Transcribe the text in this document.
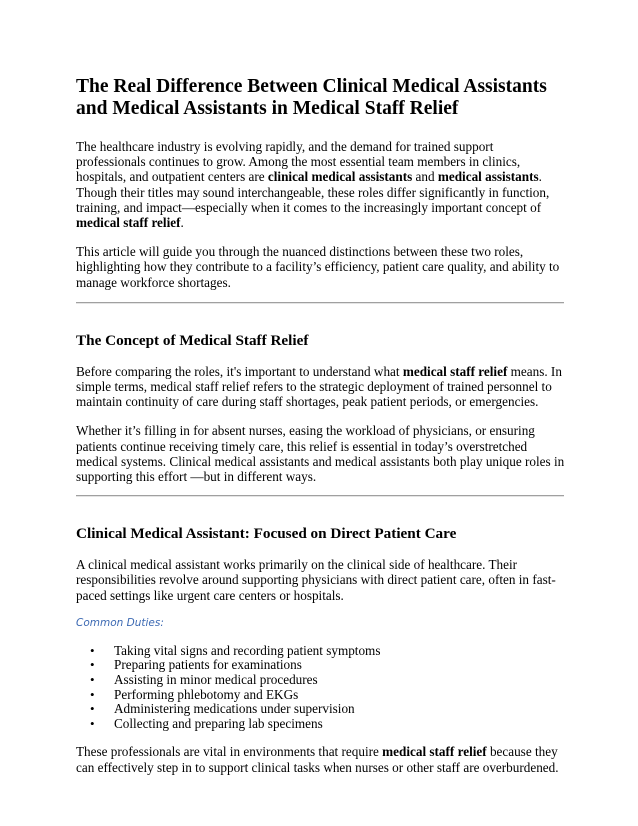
The Real Difference Between Clinical Medical Assistants and Medical Assistants in Medical Staff Relief

The healthcare industry is evolving rapidly, and the demand for trained support professionals continues to grow. Among the most essential team members in clinics, hospitals, and outpatient centers are clinical medical assistants and medical assistants. Though their titles may sound interchangeable, these roles differ significantly in function, training, and impact—especially when it comes to the increasingly important concept of medical staff relief.

This article will guide you through the nuanced distinctions between these two roles, highlighting how they contribute to a facility’s efficiency, patient care quality, and ability to manage workforce shortages.

The Concept of Medical Staff Relief

Before comparing the roles, it's important to understand what medical staff relief means. In simple terms, medical staff relief refers to the strategic deployment of trained personnel to maintain continuity of care during staff shortages, peak patient periods, or emergencies.

Whether it’s filling in for absent nurses, easing the workload of physicians, or ensuring patients continue receiving timely care, this relief is essential in today’s overstretched medical systems. Clinical medical assistants and medical assistants both play unique roles in supporting this effort —but in different ways.

Clinical Medical Assistant: Focused on Direct Patient Care

A clinical medical assistant works primarily on the clinical side of healthcare. Their responsibilities revolve around supporting physicians with direct patient care, often in fast-paced settings like urgent care centers or hospitals.

Common Duties:
• Taking vital signs and recording patient symptoms
• Preparing patients for examinations
• Assisting in minor medical procedures
• Performing phlebotomy and EKGs
• Administering medications under supervision
• Collecting and preparing lab specimens

These professionals are vital in environments that require medical staff relief because they can effectively step in to support clinical tasks when nurses or other staff are overburdened.
